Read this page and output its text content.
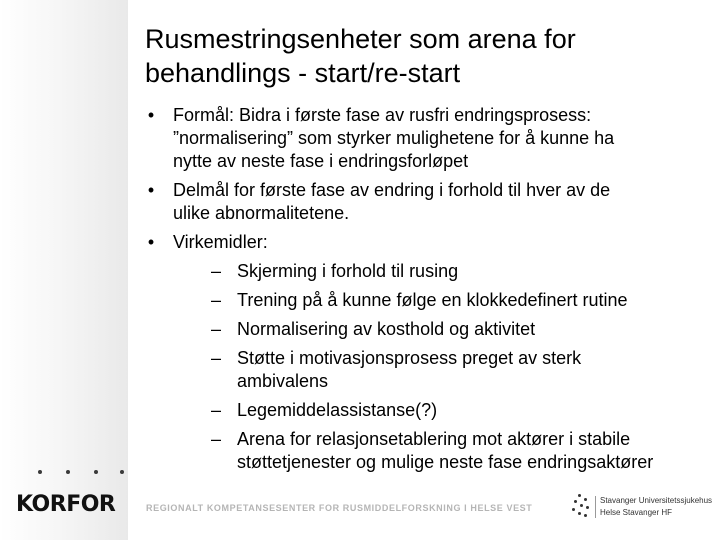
Rusmestringsenheter som arena for
behandlings - start/re-start
•	Formål: Bidra i første fase av rusfri endringsprosess:
”normalisering” som styrker mulighetene for å kunne ha
nytte av neste fase i endringsforløpet
•	Delmål for første fase av endring i forhold til hver av de
ulike abnormalitetene.
•	Virkemidler:
– Skjerming i forhold til rusing
– Trening på å kunne følge en klokkedefinert rutine
– Normalisering av kosthold og aktivitet
– Støtte i motivasjonsprosess preget av sterk
ambivalens
– Legemiddelassistanse(?)
– Arena for relasjonsetablering mot aktører i stabile
støttetjenester og mulige neste fase endringsaktører
KORFOR	REGIONALT KOMPETANSESENTER FOR RUSMIDDELFORSKNING I HELSE VEST
Stavanger Universitetssjukehus
Helse Stavanger HF
